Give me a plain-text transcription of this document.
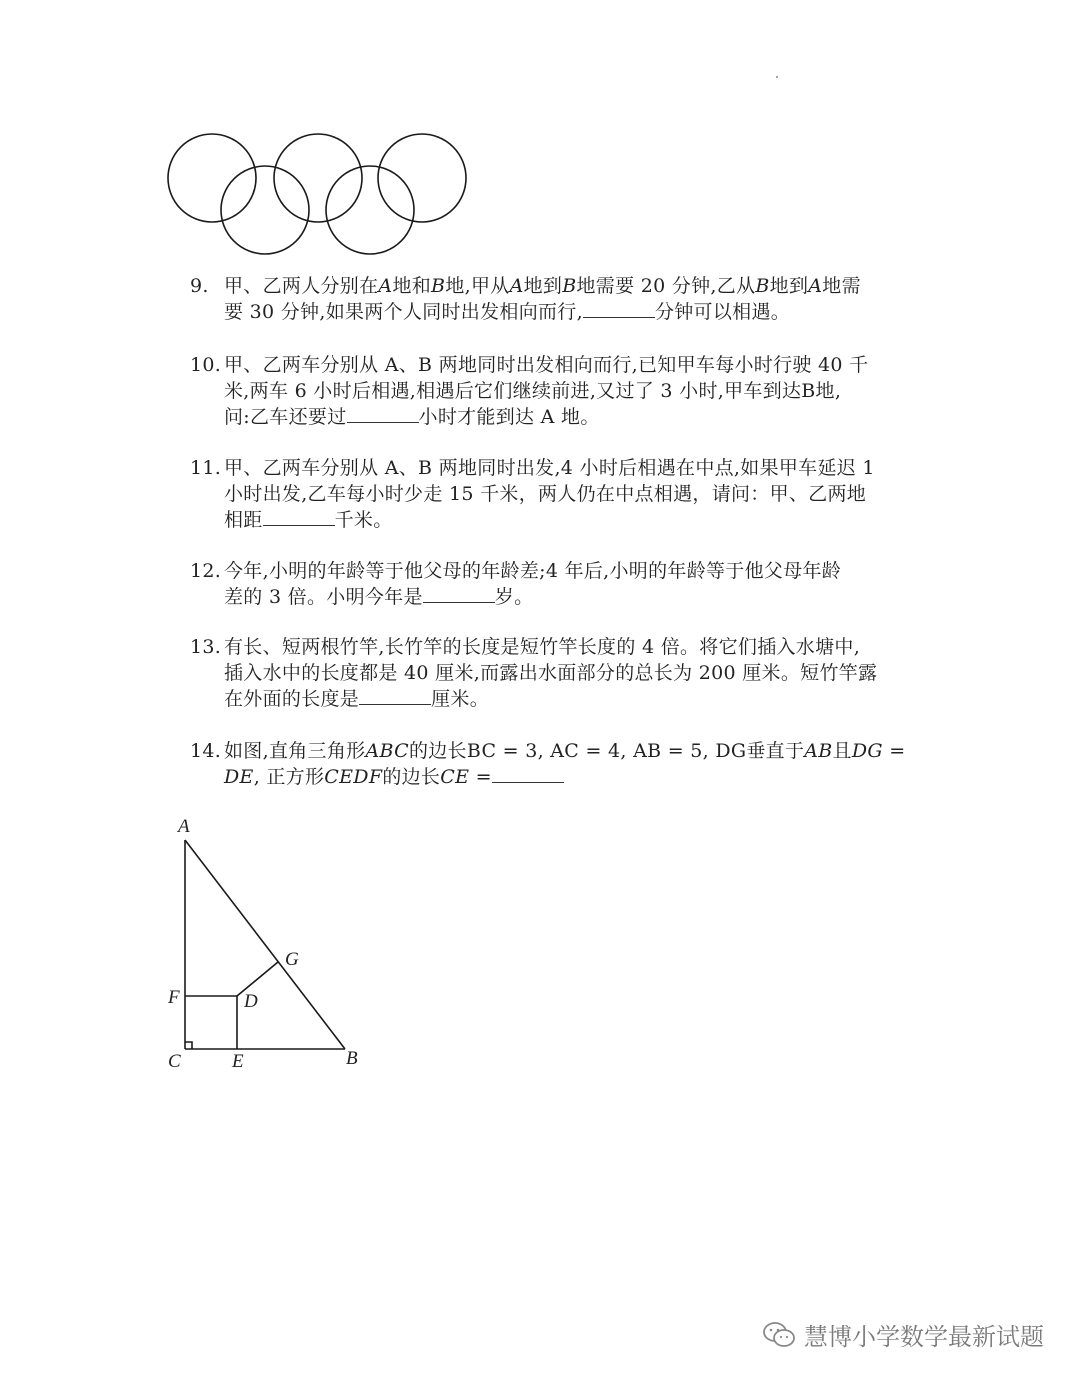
9. 甲、乙两人分别在A地和B地,甲从A地到B地需要 20 分钟,乙从B地到A地需
要 30 分钟,如果两个人同时出发相向而行,	分钟可以相遇。
10. 甲、乙两车分别从 A、B 两地同时出发相向而行,已知甲车每小时行驶 40 千
米,两车 6 小时后相遇,相遇后它们继续前进,又过了 3 小时,甲车到达B地,
问:乙车还要过	小时才能到达 A 地。
11. 甲、乙两车分别从 A、B 两地同时出发,4 小时后相遇在中点,如果甲车延迟 1
小时出发,乙车每小时少走 15 千米，两人仍在中点相遇，请问：甲、乙两地
相距	千米。
12. 今年,小明的年龄等于他父母的年龄差;4 年后,小明的年龄等于他父母年龄
差的 3 倍。小明今年是	岁。
13. 有长、短两根竹竿,长竹竿的长度是短竹竿长度的 4 倍。将它们插入水塘中,
插入水中的长度都是 40 厘米,而露出水面部分的总长为 200 厘米。短竹竿露
在外面的长度是	厘米。
14. 如图,直角三角形ABC的边长BC = 3, AC = 4, AB = 5, DG垂直于AB且DG =
DE, 正方形CEDF的边长CE =
A
G
F	D
C	E	B
慧博小学数学最新试题
